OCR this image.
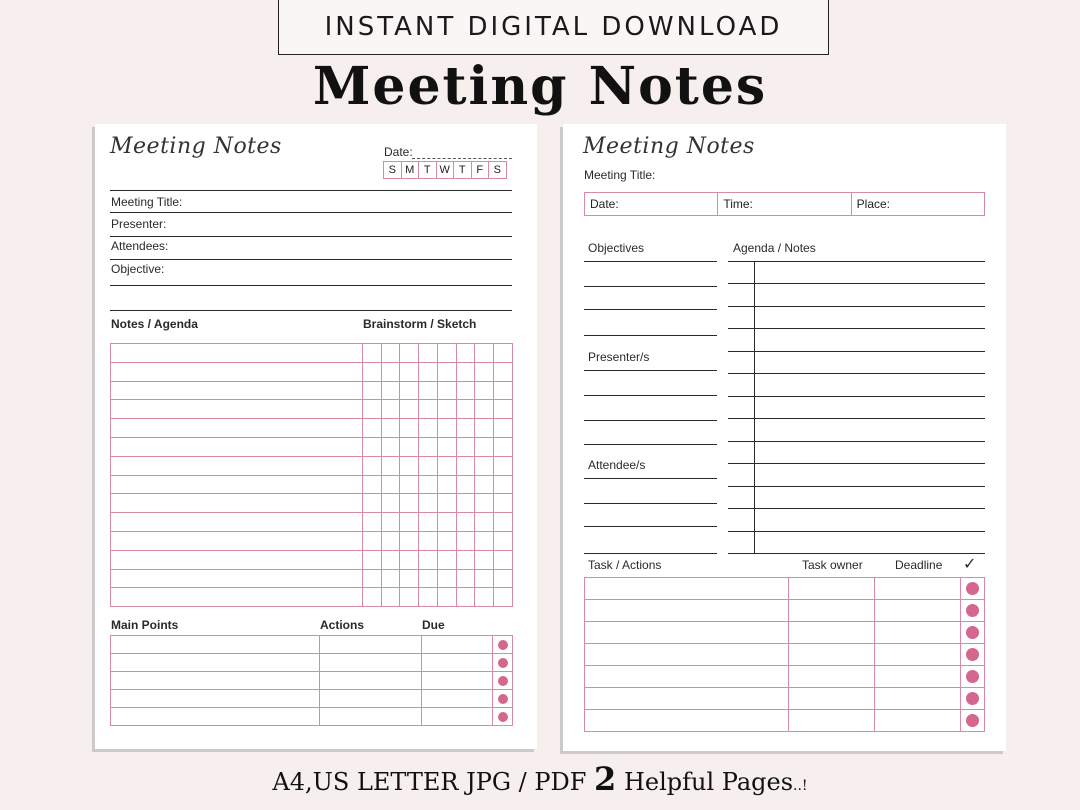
INSTANT DIGITAL DOWNLOAD
Meeting Notes
Meeting Notes	Date:
S M T W T F S
Meeting Title:
Presenter:
Attendees:
Objective:
Notes / Agenda	Brainstorm / Sketch

Main Points	Actions	Due

Meeting Notes
Meeting Title:
Date:	Time:	Place:
Objectives	Agenda / Notes
Presenter/s
Attendee/s
Task / Actions	Task owner	Deadline ✓

A4,US LETTER JPG / PDF 2 Helpful Pages..!
